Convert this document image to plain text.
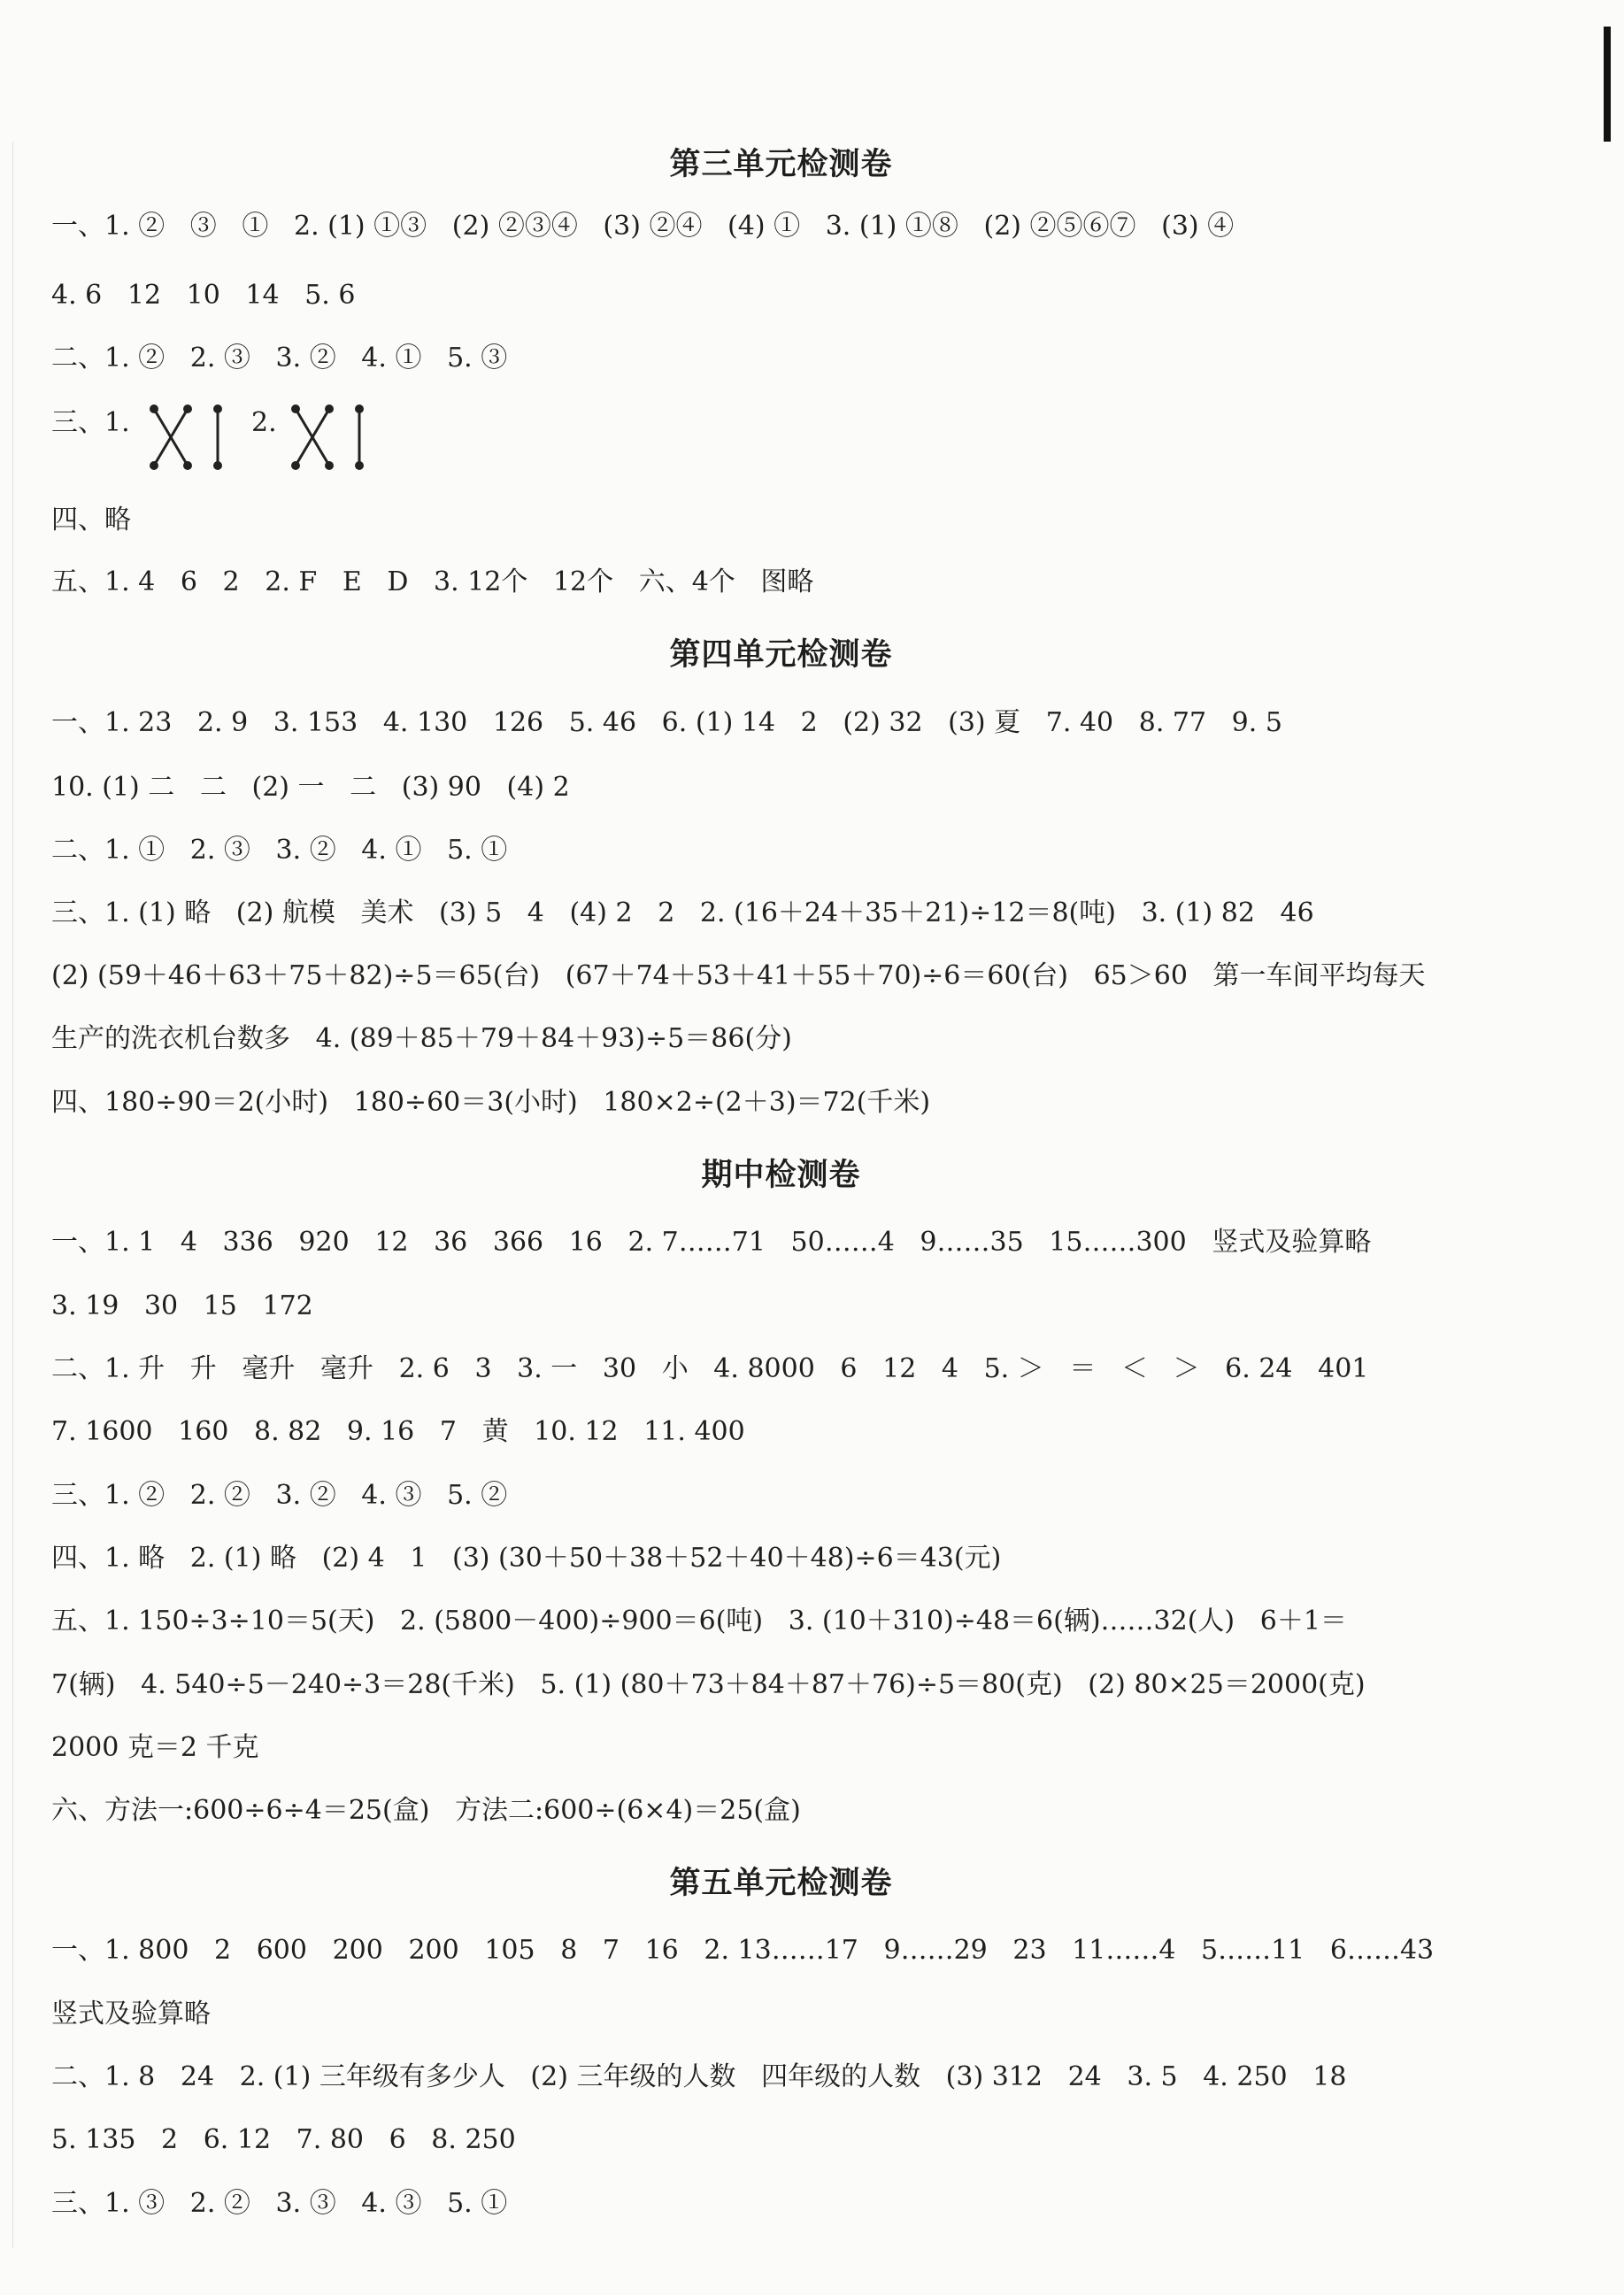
第三单元检测卷
一、1. ②   ③   ①   2. (1) ①③   (2) ②③④   (3) ②④   (4) ①   3. (1) ①⑧   (2) ②⑤⑥⑦   (3) ④
4. 6   12   10   14   5. 6
二、1. ②   2. ③   3. ②   4. ①   5. ③
三、1.	2.
四、略
五、1. 4   6   2   2. F   E   D   3. 12个   12个   六、4个   图略
第四单元检测卷
一、1. 23   2. 9   3. 153   4. 130   126   5. 46   6. (1) 14   2   (2) 32   (3) 夏   7. 40   8. 77   9. 5
10. (1) 二   二   (2) 一   二   (3) 90   (4) 2
二、1. ①   2. ③   3. ②   4. ①   5. ①
三、1. (1) 略   (2) 航模   美术   (3) 5   4   (4) 2   2   2. (16＋24＋35＋21)÷12＝8(吨)   3. (1) 82   46
(2) (59＋46＋63＋75＋82)÷5＝65(台)   (67＋74＋53＋41＋55＋70)÷6＝60(台)   65＞60   第一车间平均每天
生产的洗衣机台数多   4. (89＋85＋79＋84＋93)÷5＝86(分)
四、180÷90＝2(小时)   180÷60＝3(小时)   180×2÷(2＋3)＝72(千米)
期中检测卷
一、1. 1   4   336   920   12   36   366   16   2. 7……71   50……4   9……35   15……300   竖式及验算略
3. 19   30   15   172
二、1. 升   升   毫升   毫升   2. 6   3   3. 一   30   小   4. 8000   6   12   4   5. ＞   ＝   ＜   ＞   6. 24   401
7. 1600   160   8. 82   9. 16   7   黄   10. 12   11. 400
三、1. ②   2. ②   3. ②   4. ③   5. ②
四、1. 略   2. (1) 略   (2) 4   1   (3) (30＋50＋38＋52＋40＋48)÷6＝43(元)
五、1. 150÷3÷10＝5(天)   2. (5800－400)÷900＝6(吨)   3. (10＋310)÷48＝6(辆)……32(人)   6＋1＝
7(辆)   4. 540÷5－240÷3＝28(千米)   5. (1) (80＋73＋84＋87＋76)÷5＝80(克)   (2) 80×25＝2000(克)
2000 克＝2 千克
六、方法一:600÷6÷4＝25(盒)   方法二:600÷(6×4)＝25(盒)
第五单元检测卷
一、1. 800   2   600   200   200   105   8   7   16   2. 13……17   9……29   23   11……4   5……11   6……43
竖式及验算略
二、1. 8   24   2. (1) 三年级有多少人   (2) 三年级的人数   四年级的人数   (3) 312   24   3. 5   4. 250   18
5. 135   2   6. 12   7. 80   6   8. 250
三、1. ③   2. ②   3. ③   4. ③   5. ①
